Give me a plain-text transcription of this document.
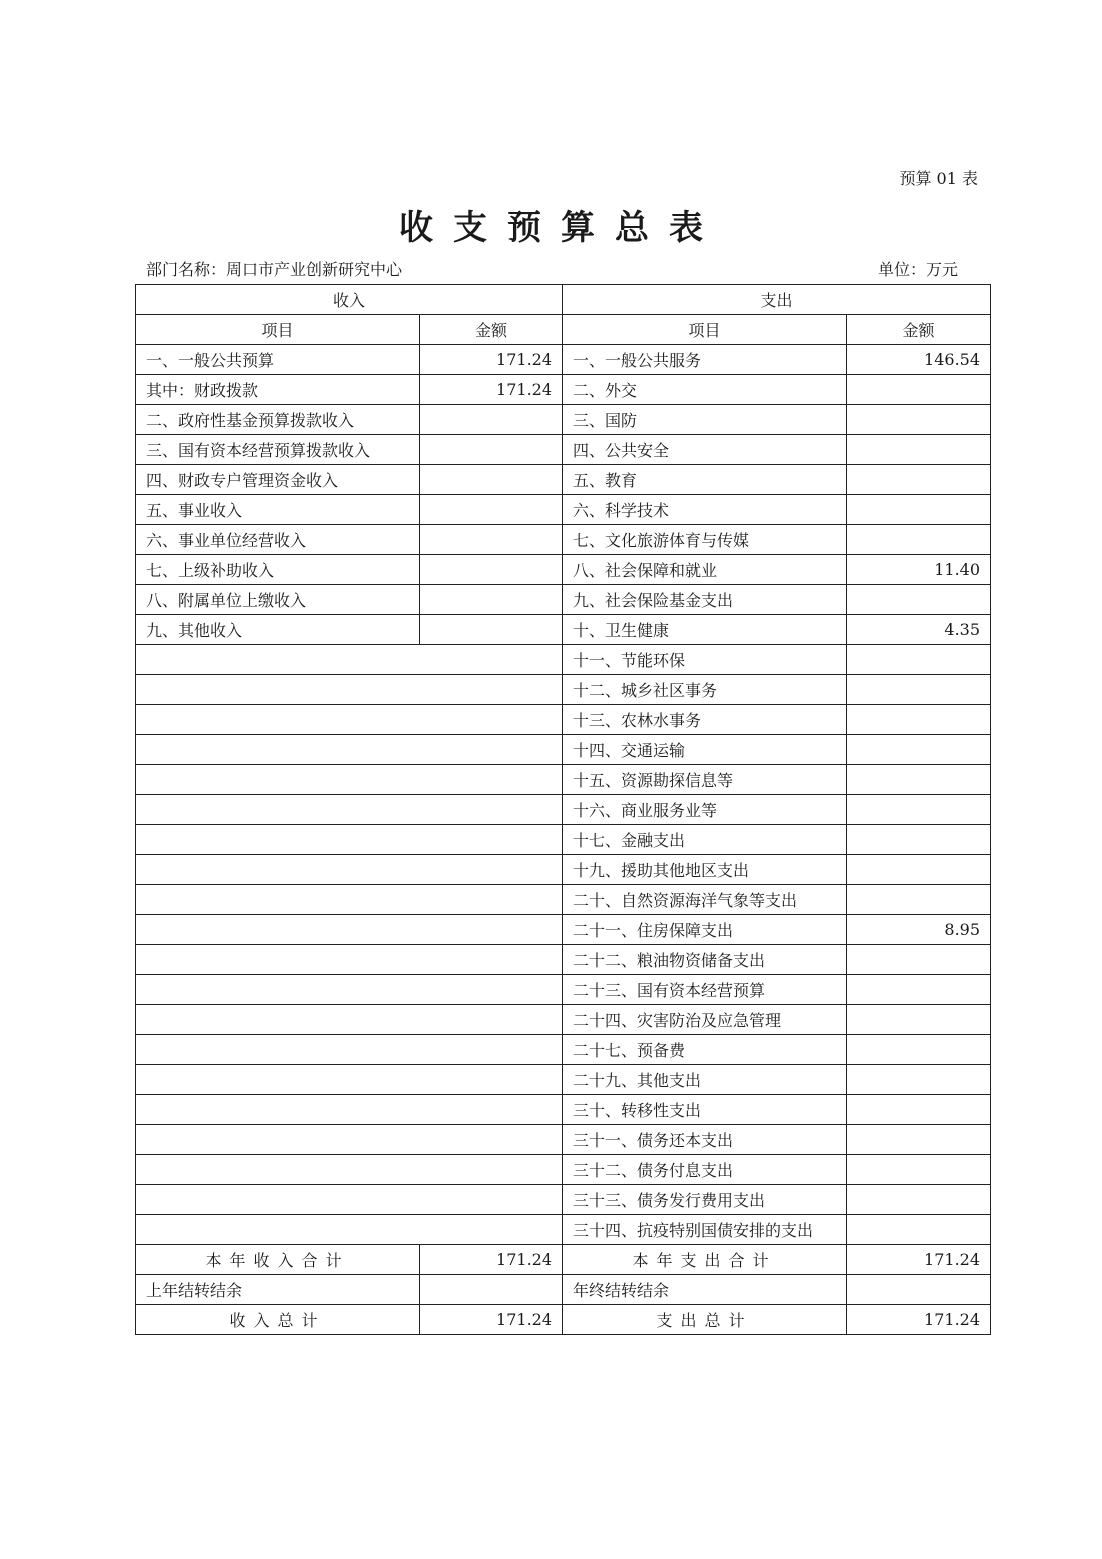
预算 01 表
收支预算总表
部门名称：周口市产业创新研究中心	单位：万元
收入		支出	
项目	金额	项目	金额
一、一般公共预算	171.24	一、一般公共服务	146.54
其中：财政拨款	171.24	二、外交	
二、政府性基金预算拨款收入		三、国防	
三、国有资本经营预算拨款收入		四、公共安全	
四、财政专户管理资金收入		五、教育	
五、事业收入		六、科学技术	
六、事业单位经营收入		七、文化旅游体育与传媒	
七、上级补助收入		八、社会保障和就业	11.40
八、附属单位上缴收入		九、社会保险基金支出	
九、其他收入		十、卫生健康	4.35
		十一、节能环保	
		十二、城乡社区事务	
		十三、农林水事务	
		十四、交通运输	
		十五、资源勘探信息等	
		十六、商业服务业等	
		十七、金融支出	
		十九、援助其他地区支出	
		二十、自然资源海洋气象等支出	
		二十一、住房保障支出	8.95
		二十二、粮油物资储备支出	
		二十三、国有资本经营预算	
		二十四、灾害防治及应急管理	
		二十七、预备费	
		二十九、其他支出	
		三十、转移性支出	
		三十一、债务还本支出	
		三十二、债务付息支出	
		三十三、债务发行费用支出	
		三十四、抗疫特别国债安排的支出	
本年收入合计	171.24	本年支出合计	171.24
上年结转结余		年终结转结余	
收入总计	171.24	支出总计	171.24
